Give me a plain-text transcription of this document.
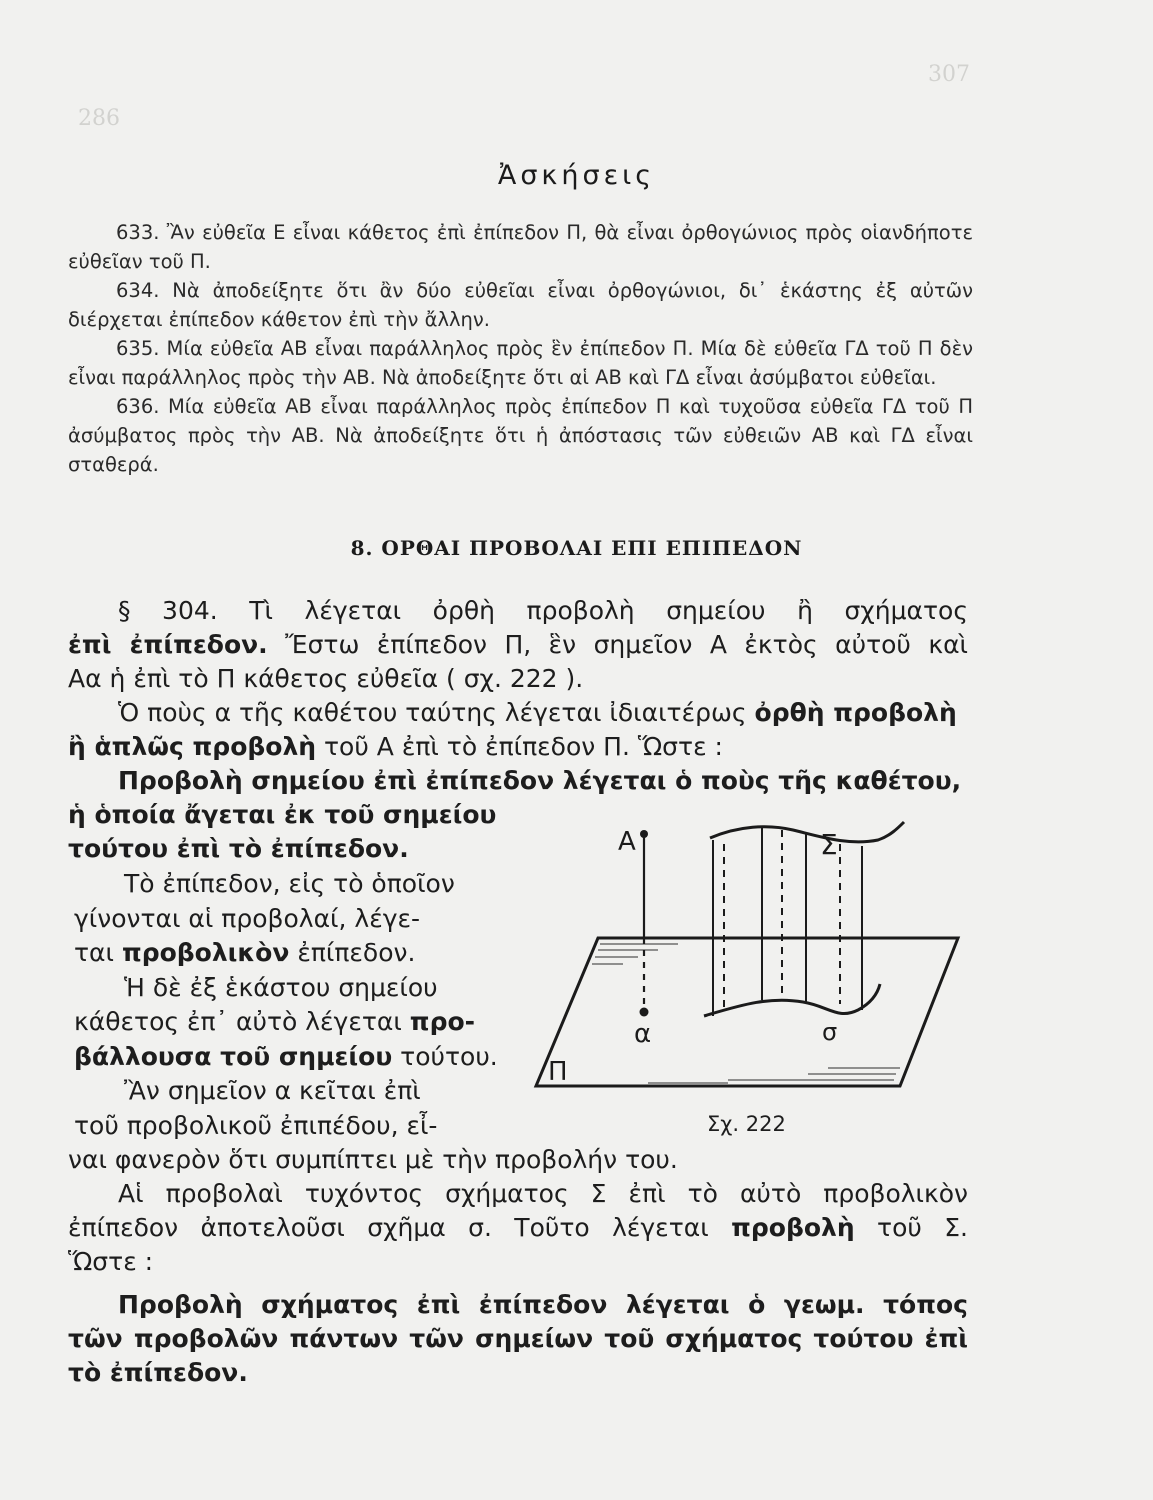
307
286
Ἀσκήσεις

633. Ἂν εὐθεῖα Ε εἶναι κάθετος ἐπὶ ἐπίπεδον Π, θὰ εἶναι ὀρθογώνιος πρὸς οἱανδήποτε εὐθεῖαν τοῦ Π.

634. Νὰ ἀποδείξητε ὅτι ἂν δύο εὐθεῖαι εἶναι ὀρθογώνιοι, δι᾽ ἑκάστης ἐξ αὐτῶν διέρχεται ἐπίπεδον κάθετον ἐπὶ τὴν ἄλλην.

635. Μία εὐθεῖα ΑΒ εἶναι παράλληλος πρὸς ἓν ἐπίπεδον Π. Μία δὲ εὐθεῖα ΓΔ τοῦ Π δὲν εἶναι παράλληλος πρὸς τὴν ΑΒ. Νὰ ἀποδείξητε ὅτι αἱ ΑΒ καὶ ΓΔ εἶναι ἀσύμβατοι εὐθεῖαι.

636. Μία εὐθεῖα ΑΒ εἶναι παράλληλος πρὸς ἐπίπεδον Π καὶ τυχοῦσα εὐθεῖα ΓΔ τοῦ Π ἀσύμβατος πρὸς τὴν ΑΒ. Νὰ ἀποδείξητε ὅτι ἡ ἀπόστασις τῶν εὐθειῶν ΑΒ καὶ ΓΔ εἶναι σταθερά.

8. ΟΡΘΑΙ ΠΡΟΒΟΛΑΙ ΕΠΙ ΕΠΙΠΕΔΟΝ
§ 304. Τὶ λέγεται ὀρθὴ προβολὴ σημείου ἢ σχήματος
ἐπὶ ἐπίπεδον. Ἔστω ἐπίπεδον Π, ἓν σημεῖον Α ἐκτὸς αὐτοῦ καὶ
Αα ἡ ἐπὶ τὸ Π κάθετος εὐθεῖα ( σχ. 222 ).
Ὁ ποὺς α τῆς καθέτου ταύτης λέγεται ἰδιαιτέρως ὀρθὴ προβολὴ
ἢ ἁπλῶς προβολὴ τοῦ Α ἐπὶ τὸ ἐπίπεδον Π. Ὥστε :
Προβολὴ σημείου ἐπὶ ἐπίπεδον λέγεται ὁ ποὺς τῆς καθέτου,
ἡ ὁποία ἄγεται ἐκ τοῦ σημείου
τούτου ἐπὶ τὸ ἐπίπεδον.
Τὸ ἐπίπεδον, εἰς τὸ ὁποῖον
γίνονται αἱ προβολαί, λέγε-
ται προβολικὸν ἐπίπεδον.
Ἡ δὲ ἐξ ἑκάστου σημείου
κάθετος ἐπ᾽ αὐτὸ λέγεται προ-
βάλλουσα τοῦ σημείου τούτου.
Ἂν σημεῖον α κεῖται ἐπὶ
τοῦ προβολικοῦ ἐπιπέδου, εἶ-
Α	Σ
α	σ
Π
Σχ. 222
ναι φανερὸν ὅτι συμπίπτει μὲ τὴν προβολήν του.
Αἱ προβολαὶ τυχόντος σχήματος Σ ἐπὶ τὸ αὐτὸ προβολικὸν
ἐπίπεδον ἀποτελοῦσι σχῆμα σ. Τοῦτο λέγεται προβολὴ τοῦ Σ.
Ὥστε :
Προβολὴ σχήματος ἐπὶ ἐπίπεδον λέγεται ὁ γεωμ. τόπος
τῶν προβολῶν πάντων τῶν σημείων τοῦ σχήματος τούτου ἐπὶ
τὸ ἐπίπεδον.
